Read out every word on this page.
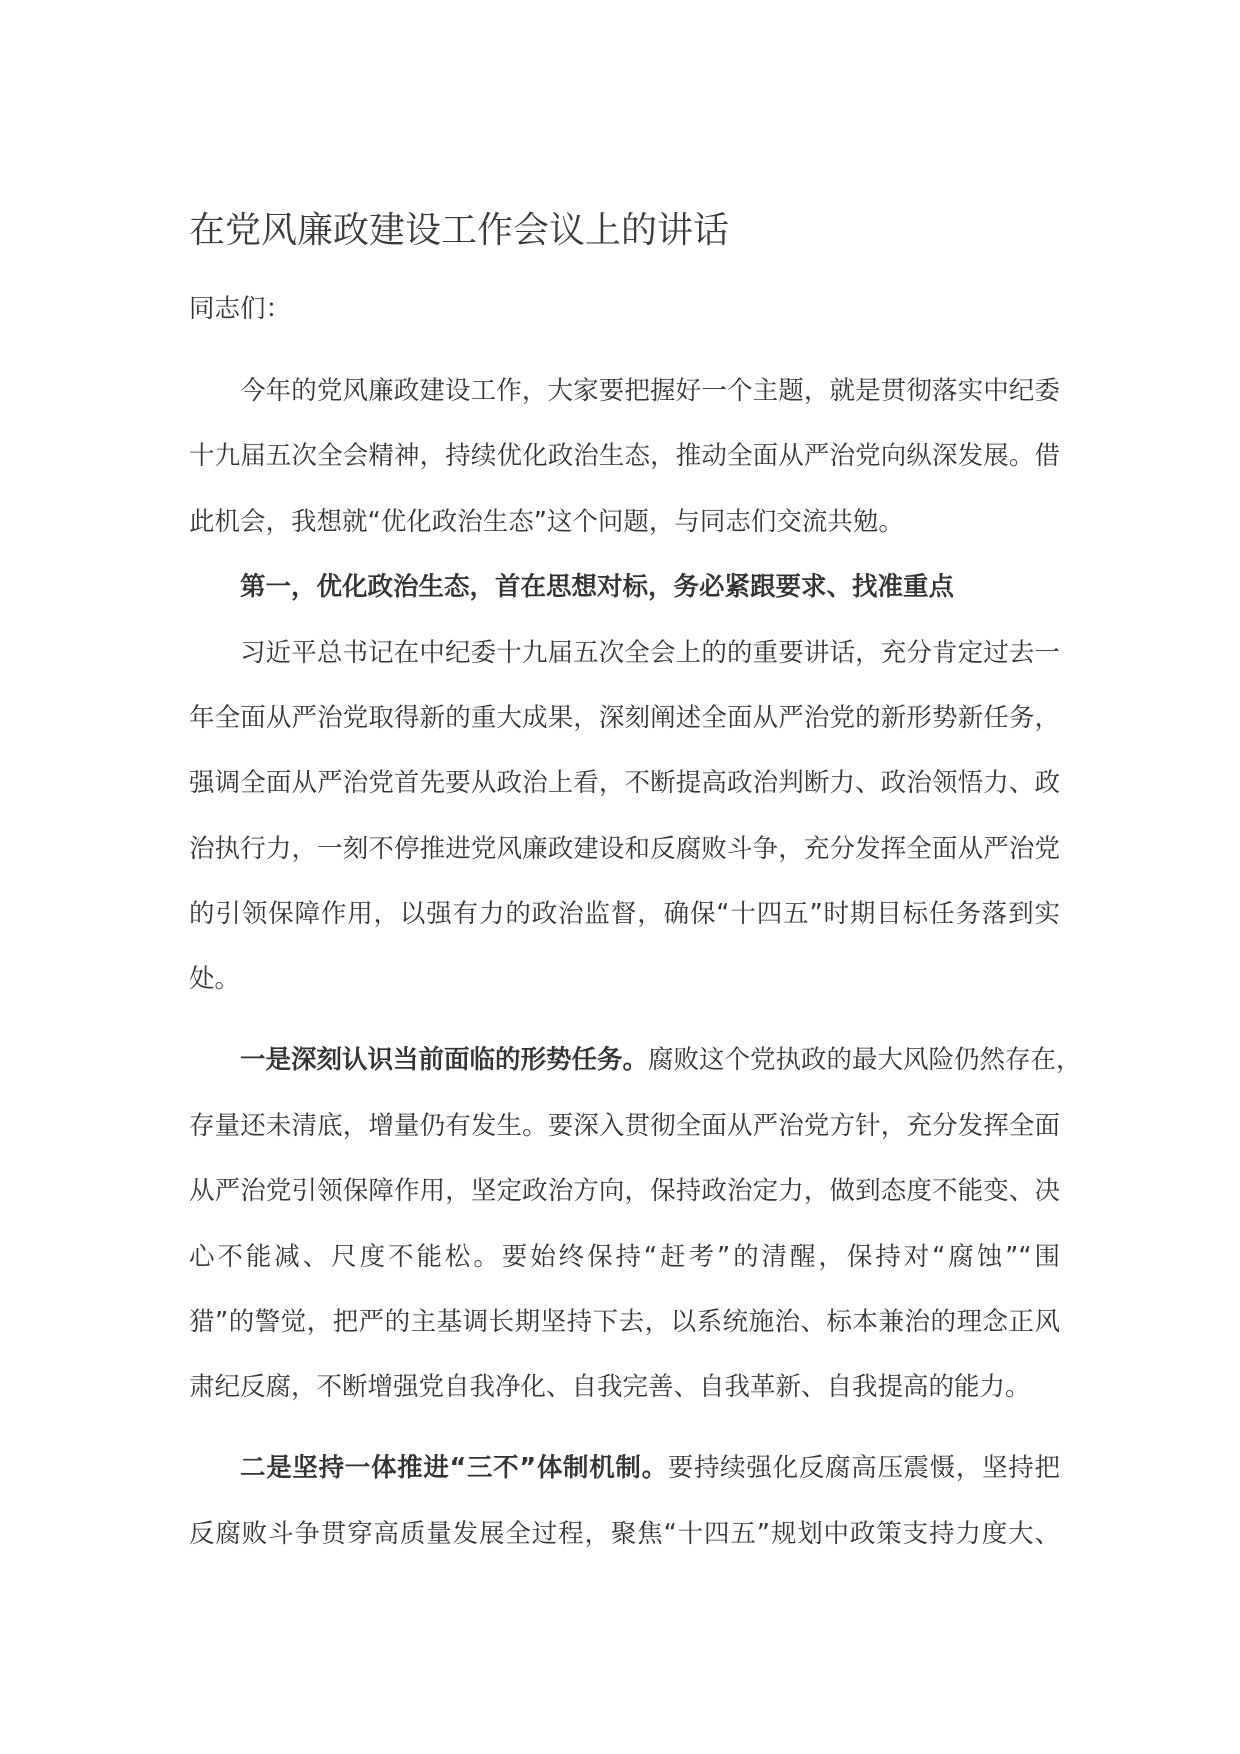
在党风廉政建设工作会议上的讲话
同志们：
今年的党风廉政建设工作，大家要把握好一个主题，就是贯彻落实中纪委
十九届五次全会精神，持续优化政治生态，推动全面从严治党向纵深发展。借
此机会，我想就“优化政治生态”这个问题，与同志们交流共勉。
第一，优化政治生态，首在思想对标，务必紧跟要求、找准重点
习近平总书记在中纪委十九届五次全会上的的重要讲话，充分肯定过去一
年全面从严治党取得新的重大成果，深刻阐述全面从严治党的新形势新任务，
强调全面从严治党首先要从政治上看，不断提高政治判断力、政治领悟力、政
治执行力，一刻不停推进党风廉政建设和反腐败斗争，充分发挥全面从严治党
的引领保障作用，以强有力的政治监督，确保“十四五”时期目标任务落到实
处。
一是深刻认识当前面临的形势任务。腐败这个党执政的最大风险仍然存在，
存量还未清底，增量仍有发生。要深入贯彻全面从严治党方针，充分发挥全面
从严治党引领保障作用，坚定政治方向，保持政治定力，做到态度不能变、决
心不能减、尺度不能松。要始终保持“赶考”的清醒，保持对“腐蚀”“围
猎”的警觉，把严的主基调长期坚持下去，以系统施治、标本兼治的理念正风
肃纪反腐，不断增强党自我净化、自我完善、自我革新、自我提高的能力。
二是坚持一体推进“三不”体制机制。要持续强化反腐高压震慑，坚持把
反腐败斗争贯穿高质量发展全过程，聚焦“十四五”规划中政策支持力度大、
